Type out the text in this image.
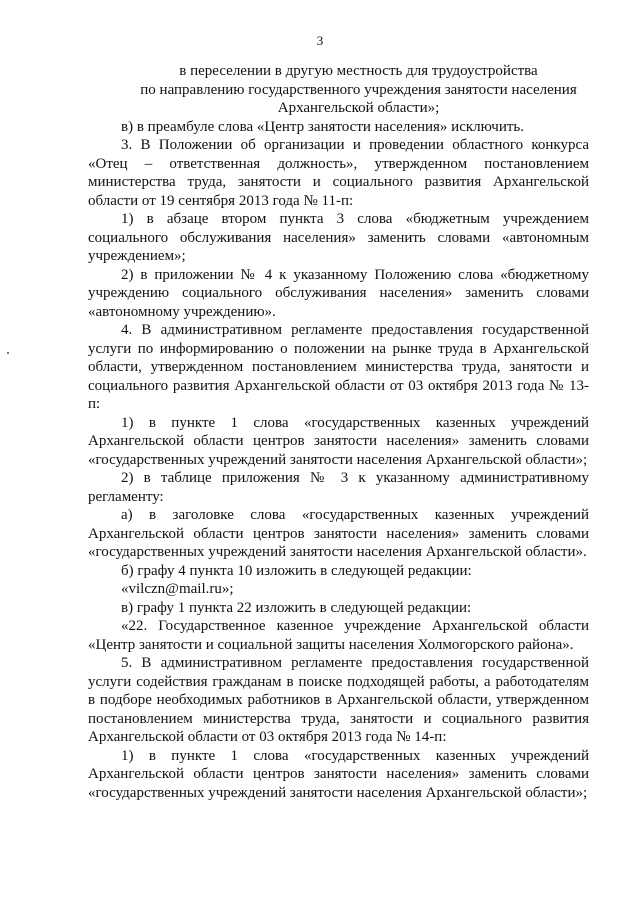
3
в переселении в другую местность для трудоустройства
по направлению государственного учреждения занятости населения
Архангельской области»;

в) в преамбуле слова «Центр занятости населения» исключить.

3. В Положении об организации и проведении областного конкурса «Отец – ответственная должность», утвержденном постановлением министерства труда, занятости и социального развития Архангельской области от 19 сентября 2013 года № 11-п:

1) в абзаце втором пункта 3 слова «бюджетным учреждением социального обслуживания населения» заменить словами «автономным учреждением»;

2) в приложении № 4 к указанному Положению слова «бюджетному учреждению социального обслуживания населения» заменить словами «автономному учреждению».

4. В административном регламенте предоставления государственной услуги по информированию о положении на рынке труда в Архангельской области, утвержденном постановлением министерства труда, занятости и социального развития Архангельской области от 03 октября 2013 года № 13-п:

1) в пункте 1 слова «государственных казенных учреждений Архангельской области центров занятости населения» заменить словами «государственных учреждений занятости населения Архангельской области»;

2) в таблице приложения № 3 к указанному административному регламенту:

а) в заголовке слова «государственных казенных учреждений Архангельской области центров занятости населения» заменить словами «государственных учреждений занятости населения Архангельской области».

б) графу 4 пункта 10 изложить в следующей редакции:

«vilczn@mail.ru»;

в) графу 1 пункта 22 изложить в следующей редакции:

«22. Государственное казенное учреждение Архангельской области «Центр занятости и социальной защиты населения Холмогорского района».

5. В административном регламенте предоставления государственной услуги содействия гражданам в поиске подходящей работы, а работодателям в подборе необходимых работников в Архангельской области, утвержденном постановлением министерства труда, занятости и социального развития Архангельской области от 03 октября 2013 года № 14-п:

1) в пункте 1 слова «государственных казенных учреждений Архангельской области центров занятости населения» заменить словами «государственных учреждений занятости населения Архангельской области»;
